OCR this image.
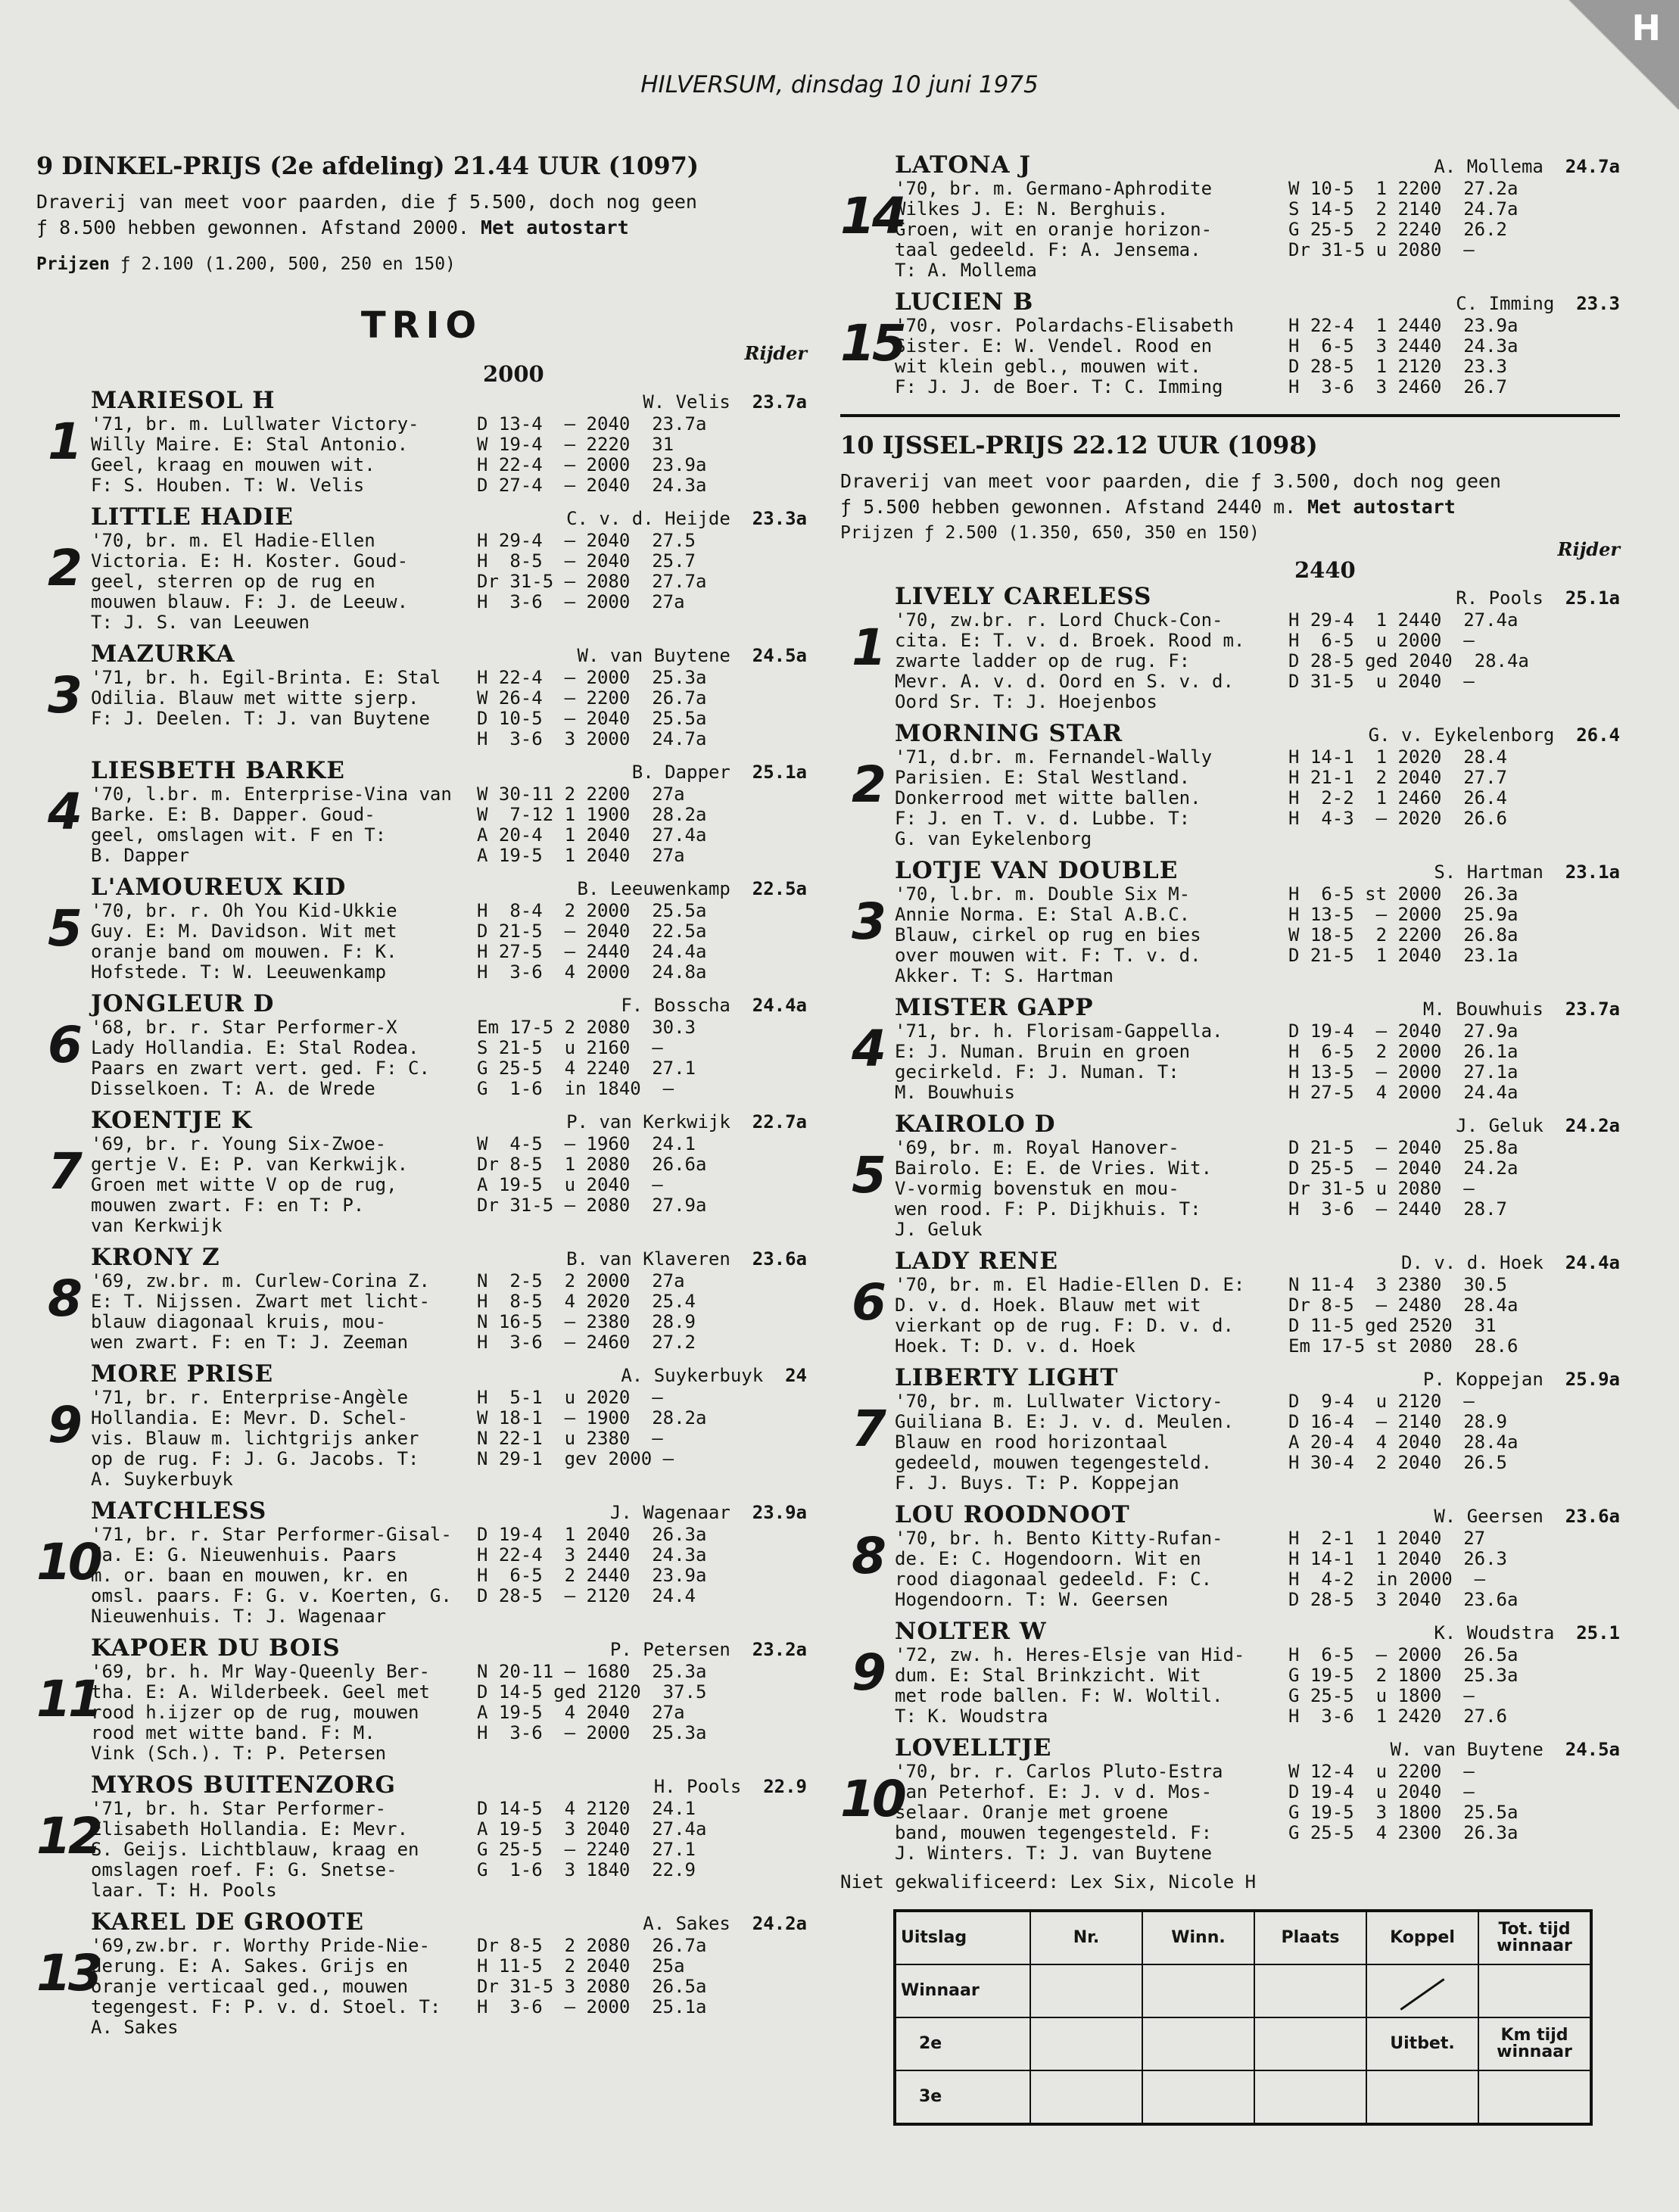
H
HILVERSUM, dinsdag 10 juni 1975
9 DINKEL-PRIJS (2e afdeling) 21.44 UUR (1097)
Draverij van meet voor paarden, die ƒ 5.500, doch nog geen
ƒ 8.500 hebben gewonnen. Afstand 2000. Met autostart
Prijzen ƒ 2.100 (1.200, 500, 250 en 150)
TRIO
Rijder
2000
1
MARIESOL H	W. Velis 23.7a
'71, br. m. Lullwater Victory-
Willy Maire. E: Stal Antonio.
Geel, kraag en mouwen wit.
F: S. Houben. T: W. Velis
D 13-4  — 2040  23.7a
W 19-4  — 2220  31
H 22-4  — 2000  23.9a
D 27-4  — 2040  24.3a
2
LITTLE HADIE	C. v. d. Heijde 23.3a
'70, br. m. El Hadie-Ellen
Victoria. E: H. Koster. Goud-
geel, sterren op de rug en
mouwen blauw. F: J. de Leeuw.
T: J. S. van Leeuwen
H 29-4  — 2040  27.5
H  8-5  — 2040  25.7
Dr 31-5 — 2080  27.7a
H  3-6  — 2000  27a

3
MAZURKA	W. van Buytene 24.5a
'71, br. h. Egil-Brinta. E: Stal
Odilia. Blauw met witte sjerp.
F: J. Deelen. T: J. van Buytene

H 22-4  — 2000  25.3a
W 26-4  — 2200  26.7a
D 10-5  — 2040  25.5a
H  3-6  3 2000  24.7a
4
LIESBETH BARKE	B. Dapper 25.1a
'70, l.br. m. Enterprise-Vina van
Barke. E: B. Dapper. Goud-
geel, omslagen wit. F en T:
B. Dapper
W 30-11 2 2200  27a
W  7-12 1 1900  28.2a
A 20-4  1 2040  27.4a
A 19-5  1 2040  27a
5
L'AMOUREUX KID	B. Leeuwenkamp 22.5a
'70, br. r. Oh You Kid-Ukkie
Guy. E: M. Davidson. Wit met
oranje band om mouwen. F: K.
Hofstede. T: W. Leeuwenkamp
H  8-4  2 2000  25.5a
D 21-5  — 2040  22.5a
H 27-5  — 2440  24.4a
H  3-6  4 2000  24.8a
6
JONGLEUR D	F. Bosscha 24.4a
'68, br. r. Star Performer-X
Lady Hollandia. E: Stal Rodea.
Paars en zwart vert. ged. F: C.
Disselkoen. T: A. de Wrede
Em 17-5 2 2080  30.3
S 21-5  u 2160  —
G 25-5  4 2240  27.1
G  1-6  in 1840  —
7
KOENTJE K	P. van Kerkwijk 22.7a
'69, br. r. Young Six-Zwoe-
gertje V. E: P. van Kerkwijk.
Groen met witte V op de rug,
mouwen zwart. F: en T: P.
van Kerkwijk
W  4-5  — 1960  24.1
Dr 8-5  1 2080  26.6a
A 19-5  u 2040  —
Dr 31-5 — 2080  27.9a

8
KRONY Z	B. van Klaveren 23.6a
'69, zw.br. m. Curlew-Corina Z.
E: T. Nijssen. Zwart met licht-
blauw diagonaal kruis, mou-
wen zwart. F: en T: J. Zeeman
N  2-5  2 2000  27a
H  8-5  4 2020  25.4
N 16-5  — 2380  28.9
H  3-6  — 2460  27.2
9
MORE PRISE	A. Suykerbuyk 24
'71, br. r. Enterprise-Angèle
Hollandia. E: Mevr. D. Schel-
vis. Blauw m. lichtgrijs anker
op de rug. F: J. G. Jacobs. T:
A. Suykerbuyk
H  5-1  u 2020  —
W 18-1  — 1900  28.2a
N 22-1  u 2380  —
N 29-1  gev 2000 —

10
MATCHLESS	J. Wagenaar 23.9a
'71, br. r. Star Performer-Gisal-
da. E: G. Nieuwenhuis. Paars
m. or. baan en mouwen, kr. en
omsl. paars. F: G. v. Koerten, G.
Nieuwenhuis. T: J. Wagenaar
D 19-4  1 2040  26.3a
H 22-4  3 2440  24.3a
H  6-5  2 2440  23.9a
D 28-5  — 2120  24.4

11
KAPOER DU BOIS	P. Petersen 23.2a
'69, br. h. Mr Way-Queenly Ber-
tha. E: A. Wilderbeek. Geel met
rood h.ijzer op de rug, mouwen
rood met witte band. F: M.
Vink (Sch.). T: P. Petersen
N 20-11 — 1680  25.3a
D 14-5 ged 2120  37.5
A 19-5  4 2040  27a
H  3-6  — 2000  25.3a

12
MYROS BUITENZORG	H. Pools 22.9
'71, br. h. Star Performer-
Elisabeth Hollandia. E: Mevr.
S. Geijs. Lichtblauw, kraag en
omslagen roef. F: G. Snetse-
laar. T: H. Pools
D 14-5  4 2120  24.1
A 19-5  3 2040  27.4a
G 25-5  — 2240  27.1
G  1-6  3 1840  22.9

13
KAREL DE GROOTE	A. Sakes 24.2a
'69,zw.br. r. Worthy Pride-Nie-
derung. E: A. Sakes. Grijs en
oranje verticaal ged., mouwen
tegengest. F: P. v. d. Stoel. T:
A. Sakes
Dr 8-5  2 2080  26.7a
H 11-5  2 2040  25a
Dr 31-5 3 2080  26.5a
H  3-6  — 2000  25.1a

14
LATONA J	A. Mollema 24.7a
'70, br. m. Germano-Aphrodite
Wilkes J. E: N. Berghuis.
Groen, wit en oranje horizon-
taal gedeeld. F: A. Jensema.
T: A. Mollema
W 10-5  1 2200  27.2a
S 14-5  2 2140  24.7a
G 25-5  2 2240  26.2
Dr 31-5 u 2080  —

15
LUCIEN B	C. Imming 23.3
'70, vosr. Polardachs-Elisabeth
Sister. E: W. Vendel. Rood en
wit klein gebl., mouwen wit.
F: J. J. de Boer. T: C. Imming
H 22-4  1 2440  23.9a
H  6-5  3 2440  24.3a
D 28-5  1 2120  23.3
H  3-6  3 2460  26.7
10 IJSSEL-PRIJS 22.12 UUR (1098)
Draverij van meet voor paarden, die ƒ 3.500, doch nog geen
ƒ 5.500 hebben gewonnen. Afstand 2440 m. Met autostart
Prijzen ƒ 2.500 (1.350, 650, 350 en 150)
Rijder
2440
1
LIVELY CARELESS	R. Pools 25.1a
'70, zw.br. r. Lord Chuck-Con-
cita. E: T. v. d. Broek. Rood m.
zwarte ladder op de rug. F:
Mevr. A. v. d. Oord en S. v. d.
Oord Sr. T: J. Hoejenbos
H 29-4  1 2440  27.4a
H  6-5  u 2000  —
D 28-5 ged 2040  28.4a
D 31-5  u 2040  —

2
MORNING STAR	G. v. Eykelenborg 26.4
'71, d.br. m. Fernandel-Wally
Parisien. E: Stal Westland.
Donkerrood met witte ballen.
F: J. en T. v. d. Lubbe. T:
G. van Eykelenborg
H 14-1  1 2020  28.4
H 21-1  2 2040  27.7
H  2-2  1 2460  26.4
H  4-3  — 2020  26.6

3
LOTJE VAN DOUBLE	S. Hartman 23.1a
'70, l.br. m. Double Six M-
Annie Norma. E: Stal A.B.C.
Blauw, cirkel op rug en bies
over mouwen wit. F: T. v. d.
Akker. T: S. Hartman
H  6-5 st 2000  26.3a
H 13-5  — 2000  25.9a
W 18-5  2 2200  26.8a
D 21-5  1 2040  23.1a

4
MISTER GAPP	M. Bouwhuis 23.7a
'71, br. h. Florisam-Gappella.
E: J. Numan. Bruin en groen
gecirkeld. F: J. Numan. T:
M. Bouwhuis
D 19-4  — 2040  27.9a
H  6-5  2 2000  26.1a
H 13-5  — 2000  27.1a
H 27-5  4 2000  24.4a
5
KAIROLO D	J. Geluk 24.2a
'69, br. m. Royal Hanover-
Bairolo. E: E. de Vries. Wit.
V-vormig bovenstuk en mou-
wen rood. F: P. Dijkhuis. T:
J. Geluk
D 21-5  — 2040  25.8a
D 25-5  — 2040  24.2a
Dr 31-5 u 2080  —
H  3-6  — 2440  28.7

6
LADY RENE	D. v. d. Hoek 24.4a
'70, br. m. El Hadie-Ellen D. E:
D. v. d. Hoek. Blauw met wit
vierkant op de rug. F: D. v. d.
Hoek. T: D. v. d. Hoek
N 11-4  3 2380  30.5
Dr 8-5  — 2480  28.4a
D 11-5 ged 2520  31
Em 17-5 st 2080  28.6
7
LIBERTY LIGHT	P. Koppejan 25.9a
'70, br. m. Lullwater Victory-
Guiliana B. E: J. v. d. Meulen.
Blauw en rood horizontaal
gedeeld, mouwen tegengesteld.
F. J. Buys. T: P. Koppejan
D  9-4  u 2120  —
D 16-4  — 2140  28.9
A 20-4  4 2040  28.4a
H 30-4  2 2040  26.5

8
LOU ROODNOOT	W. Geersen 23.6a
'70, br. h. Bento Kitty-Rufan-
de. E: C. Hogendoorn. Wit en
rood diagonaal gedeeld. F: C.
Hogendoorn. T: W. Geersen
H  2-1  1 2040  27
H 14-1  1 2040  26.3
H  4-2  in 2000  —
D 28-5  3 2040  23.6a
9
NOLTER W	K. Woudstra 25.1
'72, zw. h. Heres-Elsje van Hid-
dum. E: Stal Brinkzicht. Wit
met rode ballen. F: W. Woltil.
T: K. Woudstra
H  6-5  — 2000  26.5a
G 19-5  2 1800  25.3a
G 25-5  u 1800  —
H  3-6  1 2420  27.6
10
LOVELLTJE	W. van Buytene 24.5a
'70, br. r. Carlos Pluto-Estra
van Peterhof. E: J. v d. Mos-
selaar. Oranje met groene
band, mouwen tegengesteld. F:
J. Winters. T: J. van Buytene
W 12-4  u 2200  —
D 19-4  u 2040  —
G 19-5  3 1800  25.5a
G 25-5  4 2300  26.3a

Niet gekwalificeerd: Lex Six, Nicole H
Uitslag	Nr.	Winn.	Plaats	Koppel	Tot. tijd winnaar
Winnaar					
2e				Uitbet.	Km tijd winnaar
3e					
